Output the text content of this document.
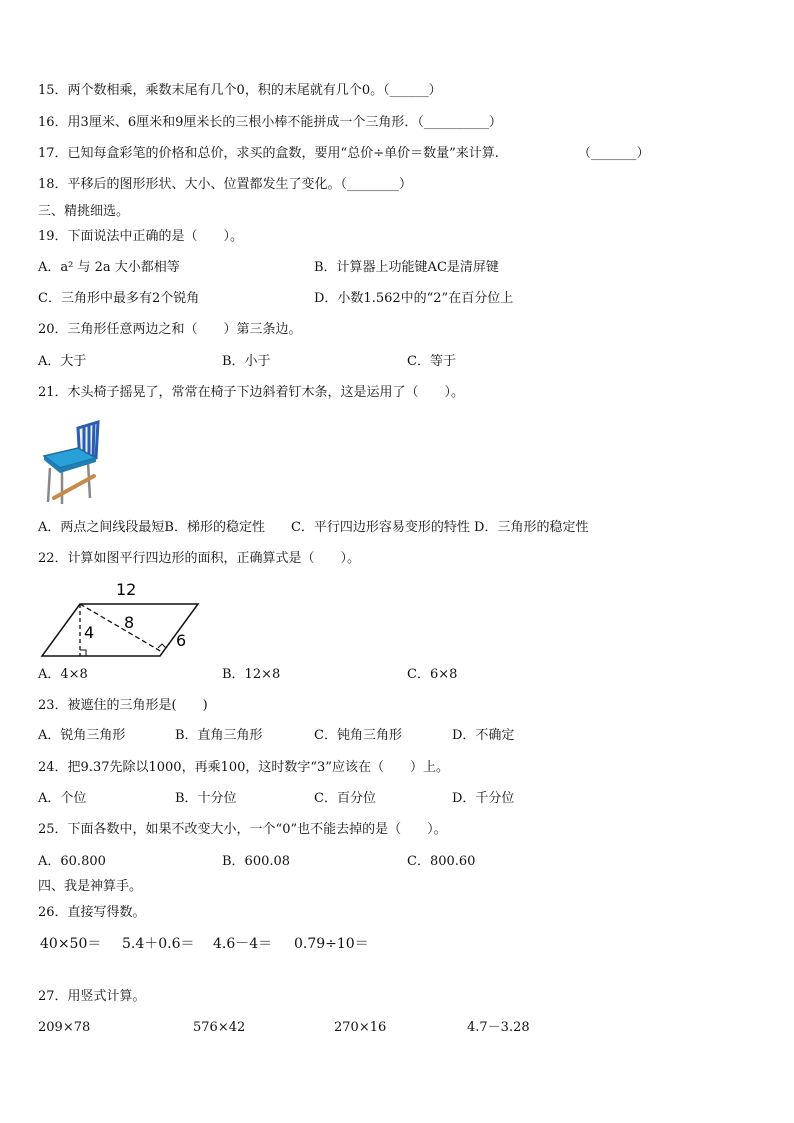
15．两个数相乘，乘数末尾有几个0，积的末尾就有几个0。（______）
16．用3厘米、6厘米和9厘米长的三根小棒不能拼成一个三角形．（__________）
17．已知每盒彩笔的价格和总价，求买的盒数，要用“总价÷单价＝数量”来计算.	（_______）
18．平移后的图形形状、大小、位置都发生了变化。（________）
三、精挑细选。
19．下面说法中正确的是（　　）。
A．a² 与 2a 大小都相等	B．计算器上功能键AC是清屏键
C．三角形中最多有2个锐角	D．小数1.562中的“2”在百分位上
20．三角形任意两边之和（　　）第三条边。
A．大于	B．小于	C．等于
21．木头椅子摇晃了，常常在椅子下边斜着钉木条，这是运用了（　　）。
A．两点之间线段最短B．梯形的稳定性　　C．平行四边形容易变形的特性 D．三角形的稳定性
22．计算如图平行四边形的面积，正确算式是（　　）。
12
4
8
6
A．4×8	B．12×8	C．6×8
23．被遮住的三角形是(　　)
A．锐角三角形	B．直角三角形	C．钝角三角形	D．不确定
24．把9.37先除以1000，再乘100，这时数字“3”应该在（　　）上。
A．个位	B．十分位	C．百分位	D．千分位
25．下面各数中，如果不改变大小，一个“0”也不能去掉的是（　　）。
A．60.800	B．600.08	C．800.60
四、我是神算手。
26．直接写得数。
40×50＝ 5.4＋0.6＝ 4.6－4＝ 0.79÷10＝
27．用竖式计算。
209×78	576×42	270×16	4.7－3.28
